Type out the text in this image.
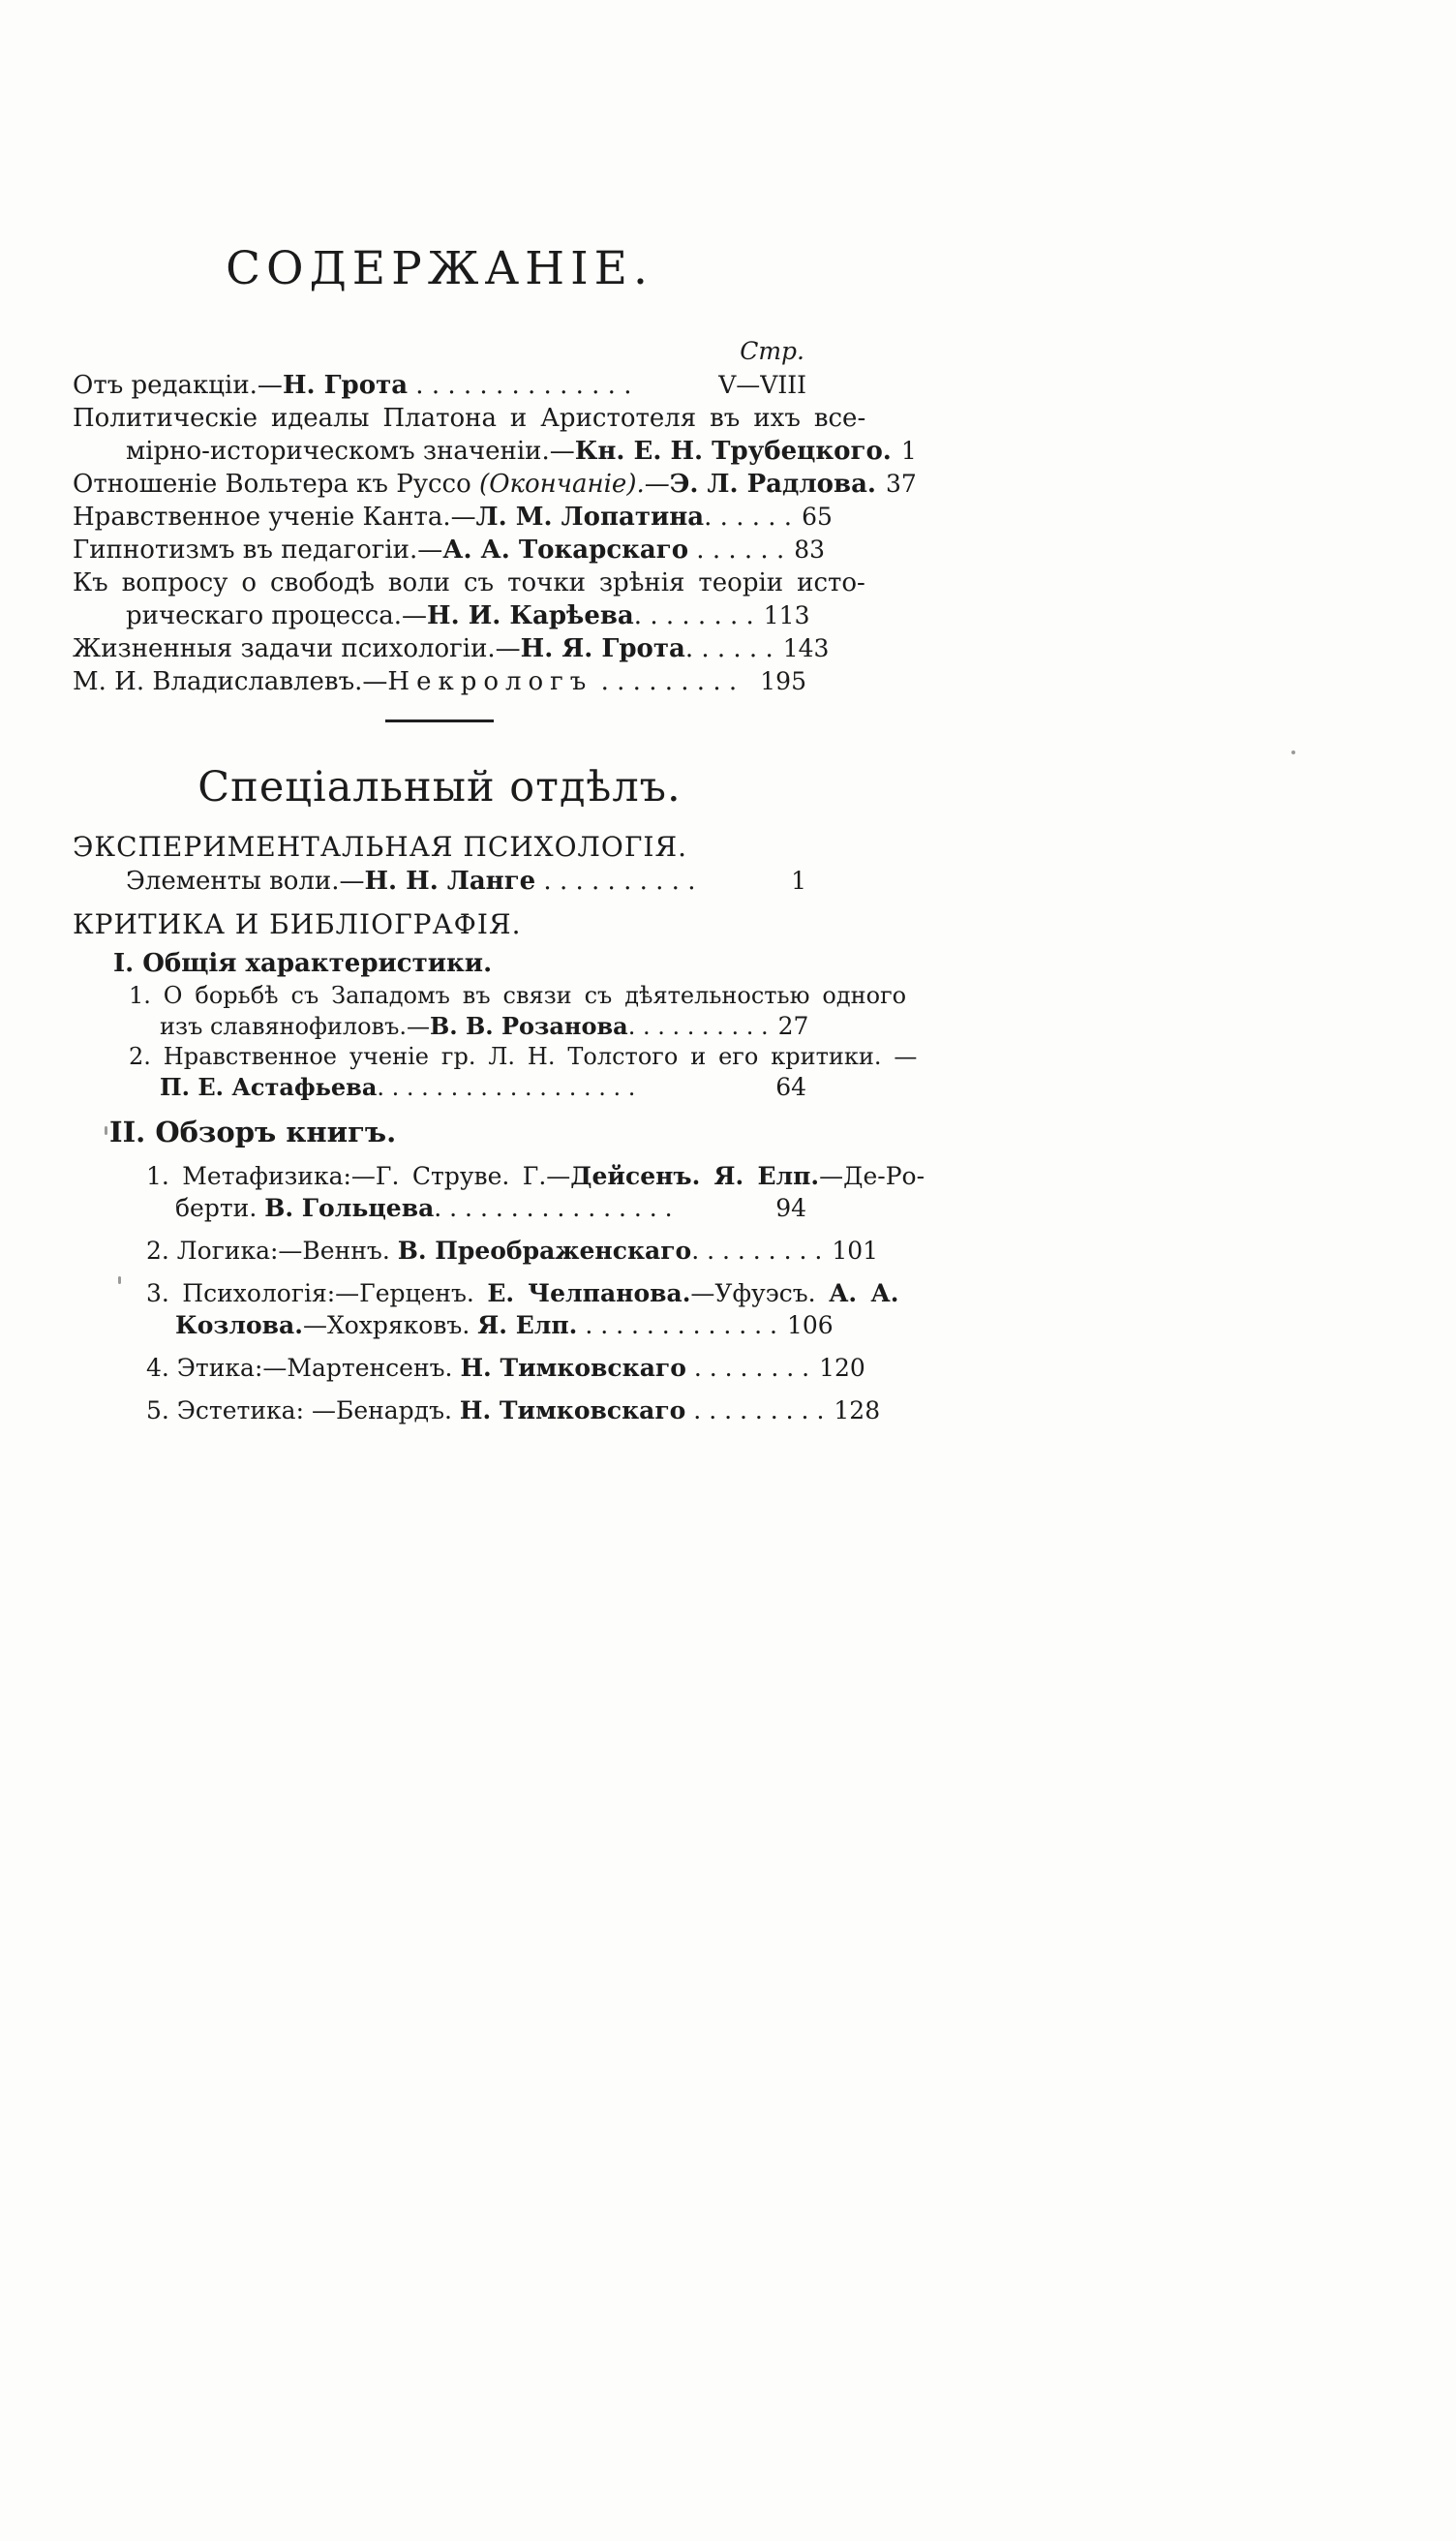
СОДЕРЖАНІЕ.
Стр.
Отъ редакціи.—Н. Грота . . . . . . . . . . . . . .	V—VIII
Политическіе идеалы Платона и Аристотеля въ ихъ все-
мірно-историческомъ значеніи.—Кн. Е. Н. Трубецкого. 1
Отношеніе Вольтера къ Руссо (Окончаніе).—Э. Л. Радлова. 37
Нравственное ученіе Канта.—Л. М. Лопатина. . . . . . 65
Гипнотизмъ въ педагогіи.—А. А. Токарскаго . . . . . . 83
Къ вопросу о свободѣ воли съ точки зрѣнія теоріи исто-
рическаго процесса.—Н. И. Карѣева. . . . . . . . 113
Жизненныя задачи психологіи.—Н. Я. Грота. . . . . . 143
М. И. Владиславлевъ.—Некрологъ . . . . . . . . . 195
Спеціальный отдѣлъ.
ЭКСПЕРИМЕНТАЛЬНАЯ ПСИХОЛОГІЯ.
Элементы воли.—Н. Н. Ланге . . . . . . . . . .	1
КРИТИКА И БИБЛІОГРАФІЯ.
I. Общія характеристики.
1. О борьбѣ съ Западомъ въ связи съ дѣятельностью одного
изъ славянофиловъ.—В. В. Розанова. . . . . . . . . . 27
2. Нравственное ученіе гр. Л. Н. Толстого и его критики. —
П. Е. Астафьева. . . . . . . . . . . . . . . . . .	64
II. Обзоръ книгъ.
1. Метафизика:—Г. Струве. Г.—Дейсенъ. Я. Елп.—Де-Ро-
берти. В. Гольцева. . . . . . . . . . . . . . . .	94
2. Логика:—Веннъ. В. Преображенскаго. . . . . . . . . 101
3. Психологія:—Герценъ. Е. Челпанова.—Уфуэсъ. А. А.
Козлова.—Хохряковъ. Я. Елп. . . . . . . . . . . . . . 106
4. Этика:—Мартенсенъ. Н. Тимковскаго . . . . . . . . 120
5. Эстетика: —Бенардъ. Н. Тимковскаго . . . . . . . . . 128
